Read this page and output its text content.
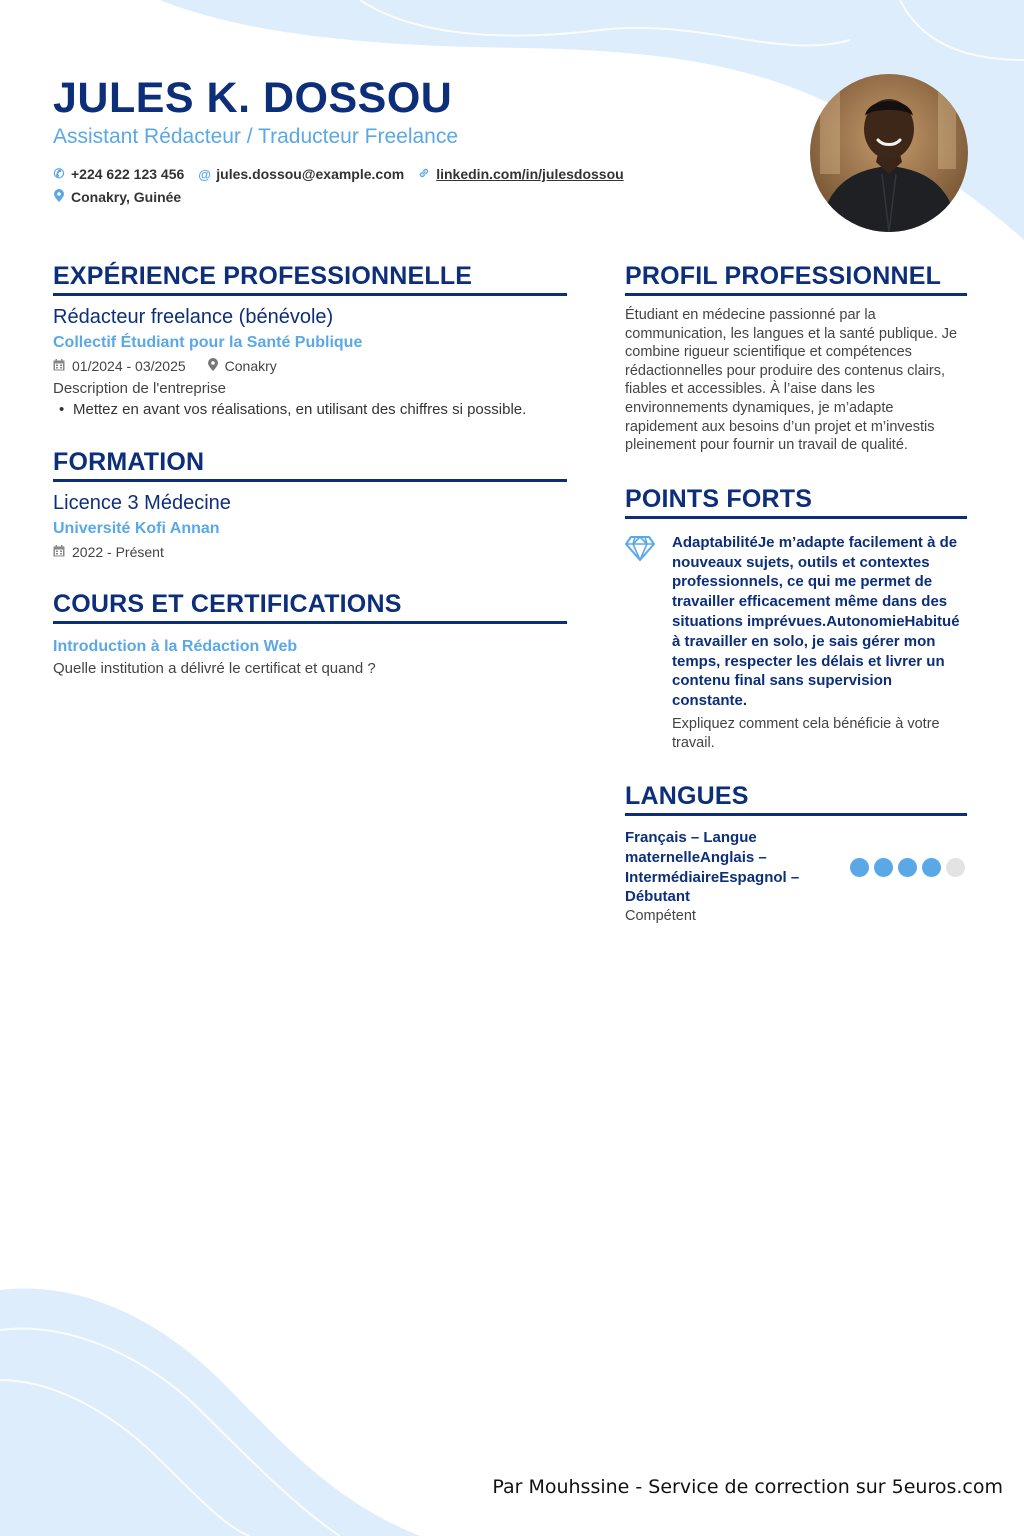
JULES K. DOSSOU
Assistant Rédacteur / Traducteur Freelance
✆ +224 622 123 456 @ jules.dossou@example.com linkedin.com/in/julesdossou
Conakry, Guinée
EXPÉRIENCE PROFESSIONNELLE
Rédacteur freelance (bénévole)
Collectif Étudiant pour la Santé Publique
01/2024 - 03/2025	Conakry
Description de l'entreprise
• Mettez en avant vos réalisations, en utilisant des chiffres si possible.
FORMATION
Licence 3 Médecine
Université Kofi Annan
2022 - Présent
COURS ET CERTIFICATIONS
Introduction à la Rédaction Web
Quelle institution a délivré le certificat et quand ?
PROFIL PROFESSIONNEL
Étudiant en médecine passionné par la communication, les langues et la santé publique. Je combine rigueur scientifique et compétences rédactionnelles pour produire des contenus clairs, fiables et accessibles. À l’aise dans les environnements dynamiques, je m’adapte rapidement aux besoins d’un projet et m’investis pleinement pour fournir un travail de qualité.
POINTS FORTS
AdaptabilitéJe m’adapte facilement à de nouveaux sujets, outils et contextes professionnels, ce qui me permet de travailler efficacement même dans des situations imprévues.AutonomieHabitué à travailler en solo, je sais gérer mon temps, respecter les délais et livrer un contenu final sans supervision constante.
Expliquez comment cela bénéficie à votre travail.
LANGUES
Français – Langue maternelleAnglais – IntermédiaireEspagnol – Débutant
Compétent
Par Mouhssine - Service de correction sur 5euros.com
